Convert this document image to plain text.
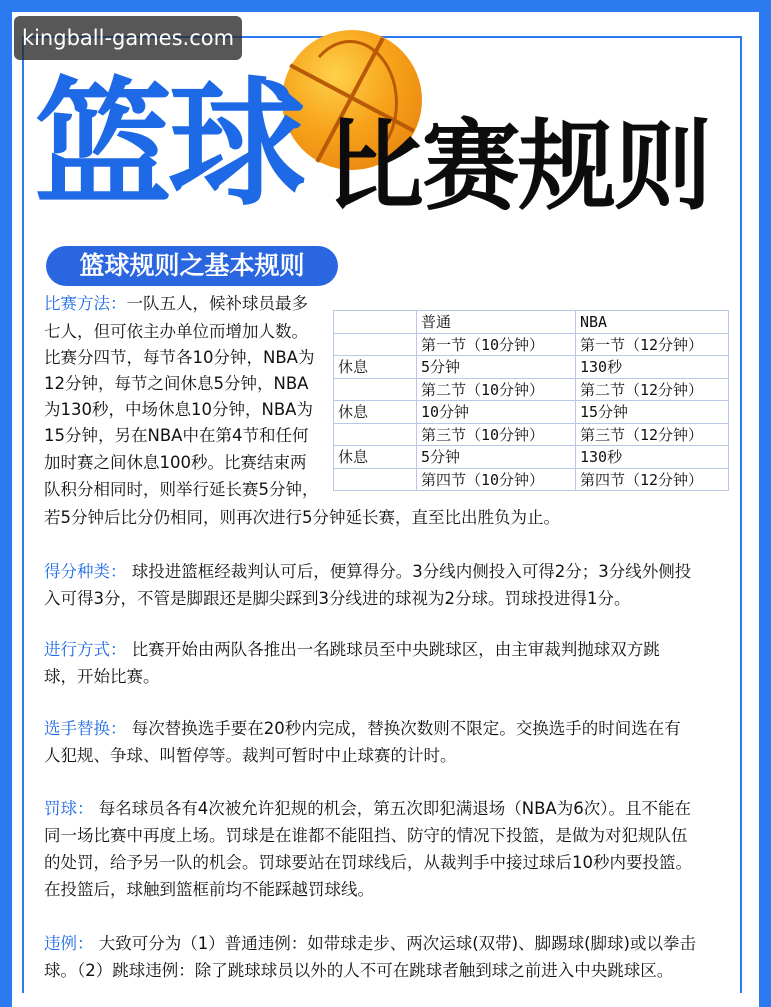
篮球 比赛规则
kingball-games.com
篮球规则之基本规则
比赛方法：一队五人，候补球员最多
七人，但可依主办单位而增加人数。
比赛分四节，每节各10分钟，NBA为
12分钟，每节之间休息5分钟，NBA
为130秒，中场休息10分钟，NBA为
15分钟，另在NBA中在第4节和任何
加时赛之间休息100秒。比赛结束两
队积分相同时，则举行延长赛5分钟，
若5分钟后比分仍相同，则再次进行5分钟延长赛，直至比出胜负为止。
	普通	NBA
	第一节（10分钟）	第一节（12分钟）
休息	5分钟	130秒
	第二节（10分钟）	第二节（12分钟）
休息	10分钟	15分钟
	第三节（10分钟）	第三节（12分钟）
休息	5分钟	130秒
	第四节（10分钟）	第四节（12分钟）
得分种类： 球投进篮框经裁判认可后，便算得分。3分线内侧投入可得2分；3分线外侧投
入可得3分，不管是脚跟还是脚尖踩到3分线进的球视为2分球。罚球投进得1分。
进行方式： 比赛开始由两队各推出一名跳球员至中央跳球区，由主审裁判抛球双方跳
球，开始比赛。
选手替换： 每次替换选手要在20秒内完成，替换次数则不限定。交换选手的时间选在有
人犯规、争球、叫暂停等。裁判可暂时中止球赛的计时。
罚球： 每名球员各有4次被允许犯规的机会，第五次即犯满退场（NBA为6次）。且不能在
同一场比赛中再度上场。罚球是在谁都不能阻挡、防守的情况下投篮，是做为对犯规队伍
的处罚，给予另一队的机会。罚球要站在罚球线后，从裁判手中接过球后10秒内要投篮。
在投篮后，球触到篮框前均不能踩越罚球线。
违例： 大致可分为（1）普通违例：如带球走步、两次运球(双带)、脚踢球(脚球)或以拳击
球。（2）跳球违例：除了跳球球员以外的人不可在跳球者触到球之前进入中央跳球区。
